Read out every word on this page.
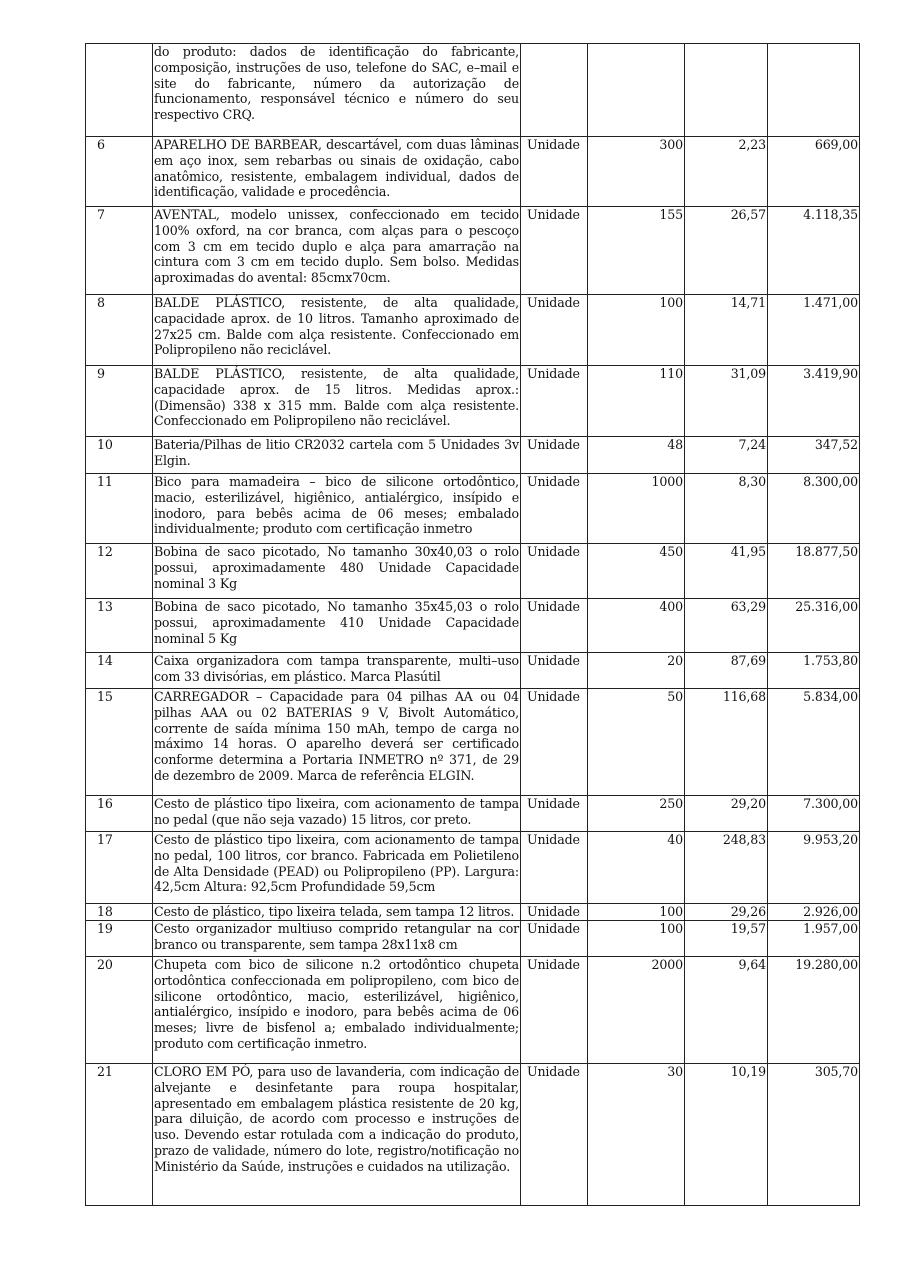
	do produto: dados de identificação do fabricante, composição, instruções de uso, telefone do SAC, e–mail e site do fabricante, número da autorização de funcionamento, responsável técnico e número do seu respectivo CRQ.				
6	APARELHO DE BARBEAR, descartável, com duas lâminas em aço inox, sem rebarbas ou sinais de oxidação, cabo anatômico, resistente, embalagem individual, dados de identificação, validade e procedência.	Unidade	300	2,23	669,00
7	AVENTAL, modelo unissex, confeccionado em tecido 100% oxford, na cor branca, com alças para o pescoço com 3 cm em tecido duplo e alça para amarração na cintura com 3 cm em tecido duplo. Sem bolso. Medidas aproximadas do avental: 85cmx70cm.	Unidade	155	26,57	4.118,35
8	BALDE PLÁSTICO, resistente, de alta qualidade, capacidade aprox. de 10 litros. Tamanho aproximado de 27x25 cm. Balde com alça resistente. Confeccionado em Polipropileno não reciclável.	Unidade	100	14,71	1.471,00
9	BALDE PLÁSTICO, resistente, de alta qualidade, capacidade aprox. de 15 litros. Medidas aprox.: (Dimensão) 338 x 315 mm. Balde com alça resistente. Confeccionado em Polipropileno não reciclável.	Unidade	110	31,09	3.419,90
10	Bateria/Pilhas de litio CR2032 cartela com 5 Unidades 3v Elgin.	Unidade	48	7,24	347,52
11	Bico para mamadeira – bico de silicone ortodôntico, macio, esterilizável, higiênico, antialérgico, insípido e inodoro, para bebês acima de 06 meses; embalado individualmente; produto com certificação inmetro	Unidade	1000	8,30	8.300,00
12	Bobina de saco picotado, No tamanho 30x40,03 o rolo possui, aproximadamente 480 Unidade Capacidade nominal 3 Kg	Unidade	450	41,95	18.877,50
13	Bobina de saco picotado, No tamanho 35x45,03 o rolo possui, aproximadamente 410 Unidade Capacidade nominal 5 Kg	Unidade	400	63,29	25.316,00
14	Caixa organizadora com tampa transparente, multi–uso com 33 divisórias, em plástico. Marca Plasútil	Unidade	20	87,69	1.753,80
15	CARREGADOR – Capacidade para 04 pilhas AA ou 04 pilhas AAA ou 02 BATERIAS 9 V, Bivolt Automático, corrente de saída mínima 150 mAh, tempo de carga no máximo 14 horas. O aparelho deverá ser certificado conforme determina a Portaria INMETRO nº 371, de 29 de dezembro de 2009. Marca de referência ELGIN.	Unidade	50	116,68	5.834,00
16	Cesto de plástico tipo lixeira, com acionamento de tampa no pedal (que não seja vazado) 15 litros, cor preto.	Unidade	250	29,20	7.300,00
17	Cesto de plástico tipo lixeira, com acionamento de tampa no pedal, 100 litros, cor branco. Fabricada em Polietileno de Alta Densidade (PEAD) ou Polipropileno (PP). Largura: 42,5cm Altura: 92,5cm Profundidade 59,5cm	Unidade	40	248,83	9.953,20
18	Cesto de plástico, tipo lixeira telada, sem tampa 12 litros.	Unidade	100	29,26	2.926,00
19	Cesto organizador multiuso comprido retangular na cor branco ou transparente, sem tampa 28x11x8 cm	Unidade	100	19,57	1.957,00
20	Chupeta com bico de silicone n.2 ortodôntico chupeta ortodôntica confeccionada em polipropileno, com bico de silicone ortodôntico, macio, esterilizável, higiênico, antialérgico, insípido e inodoro, para bebês acima de 06 meses; livre de bisfenol a; embalado individualmente; produto com certificação inmetro.	Unidade	2000	9,64	19.280,00
21	CLORO EM PÓ, para uso de lavanderia, com indicação de alvejante e desinfetante para roupa hospitalar, apresentado em embalagem plástica resistente de 20 kg, para diluição, de acordo com processo e instruções de uso. Devendo estar rotulada com a indicação do produto, prazo de validade, número do lote, registro/notificação no Ministério da Saúde, instruções e cuidados na utilização.	Unidade	30	10,19	305,70
